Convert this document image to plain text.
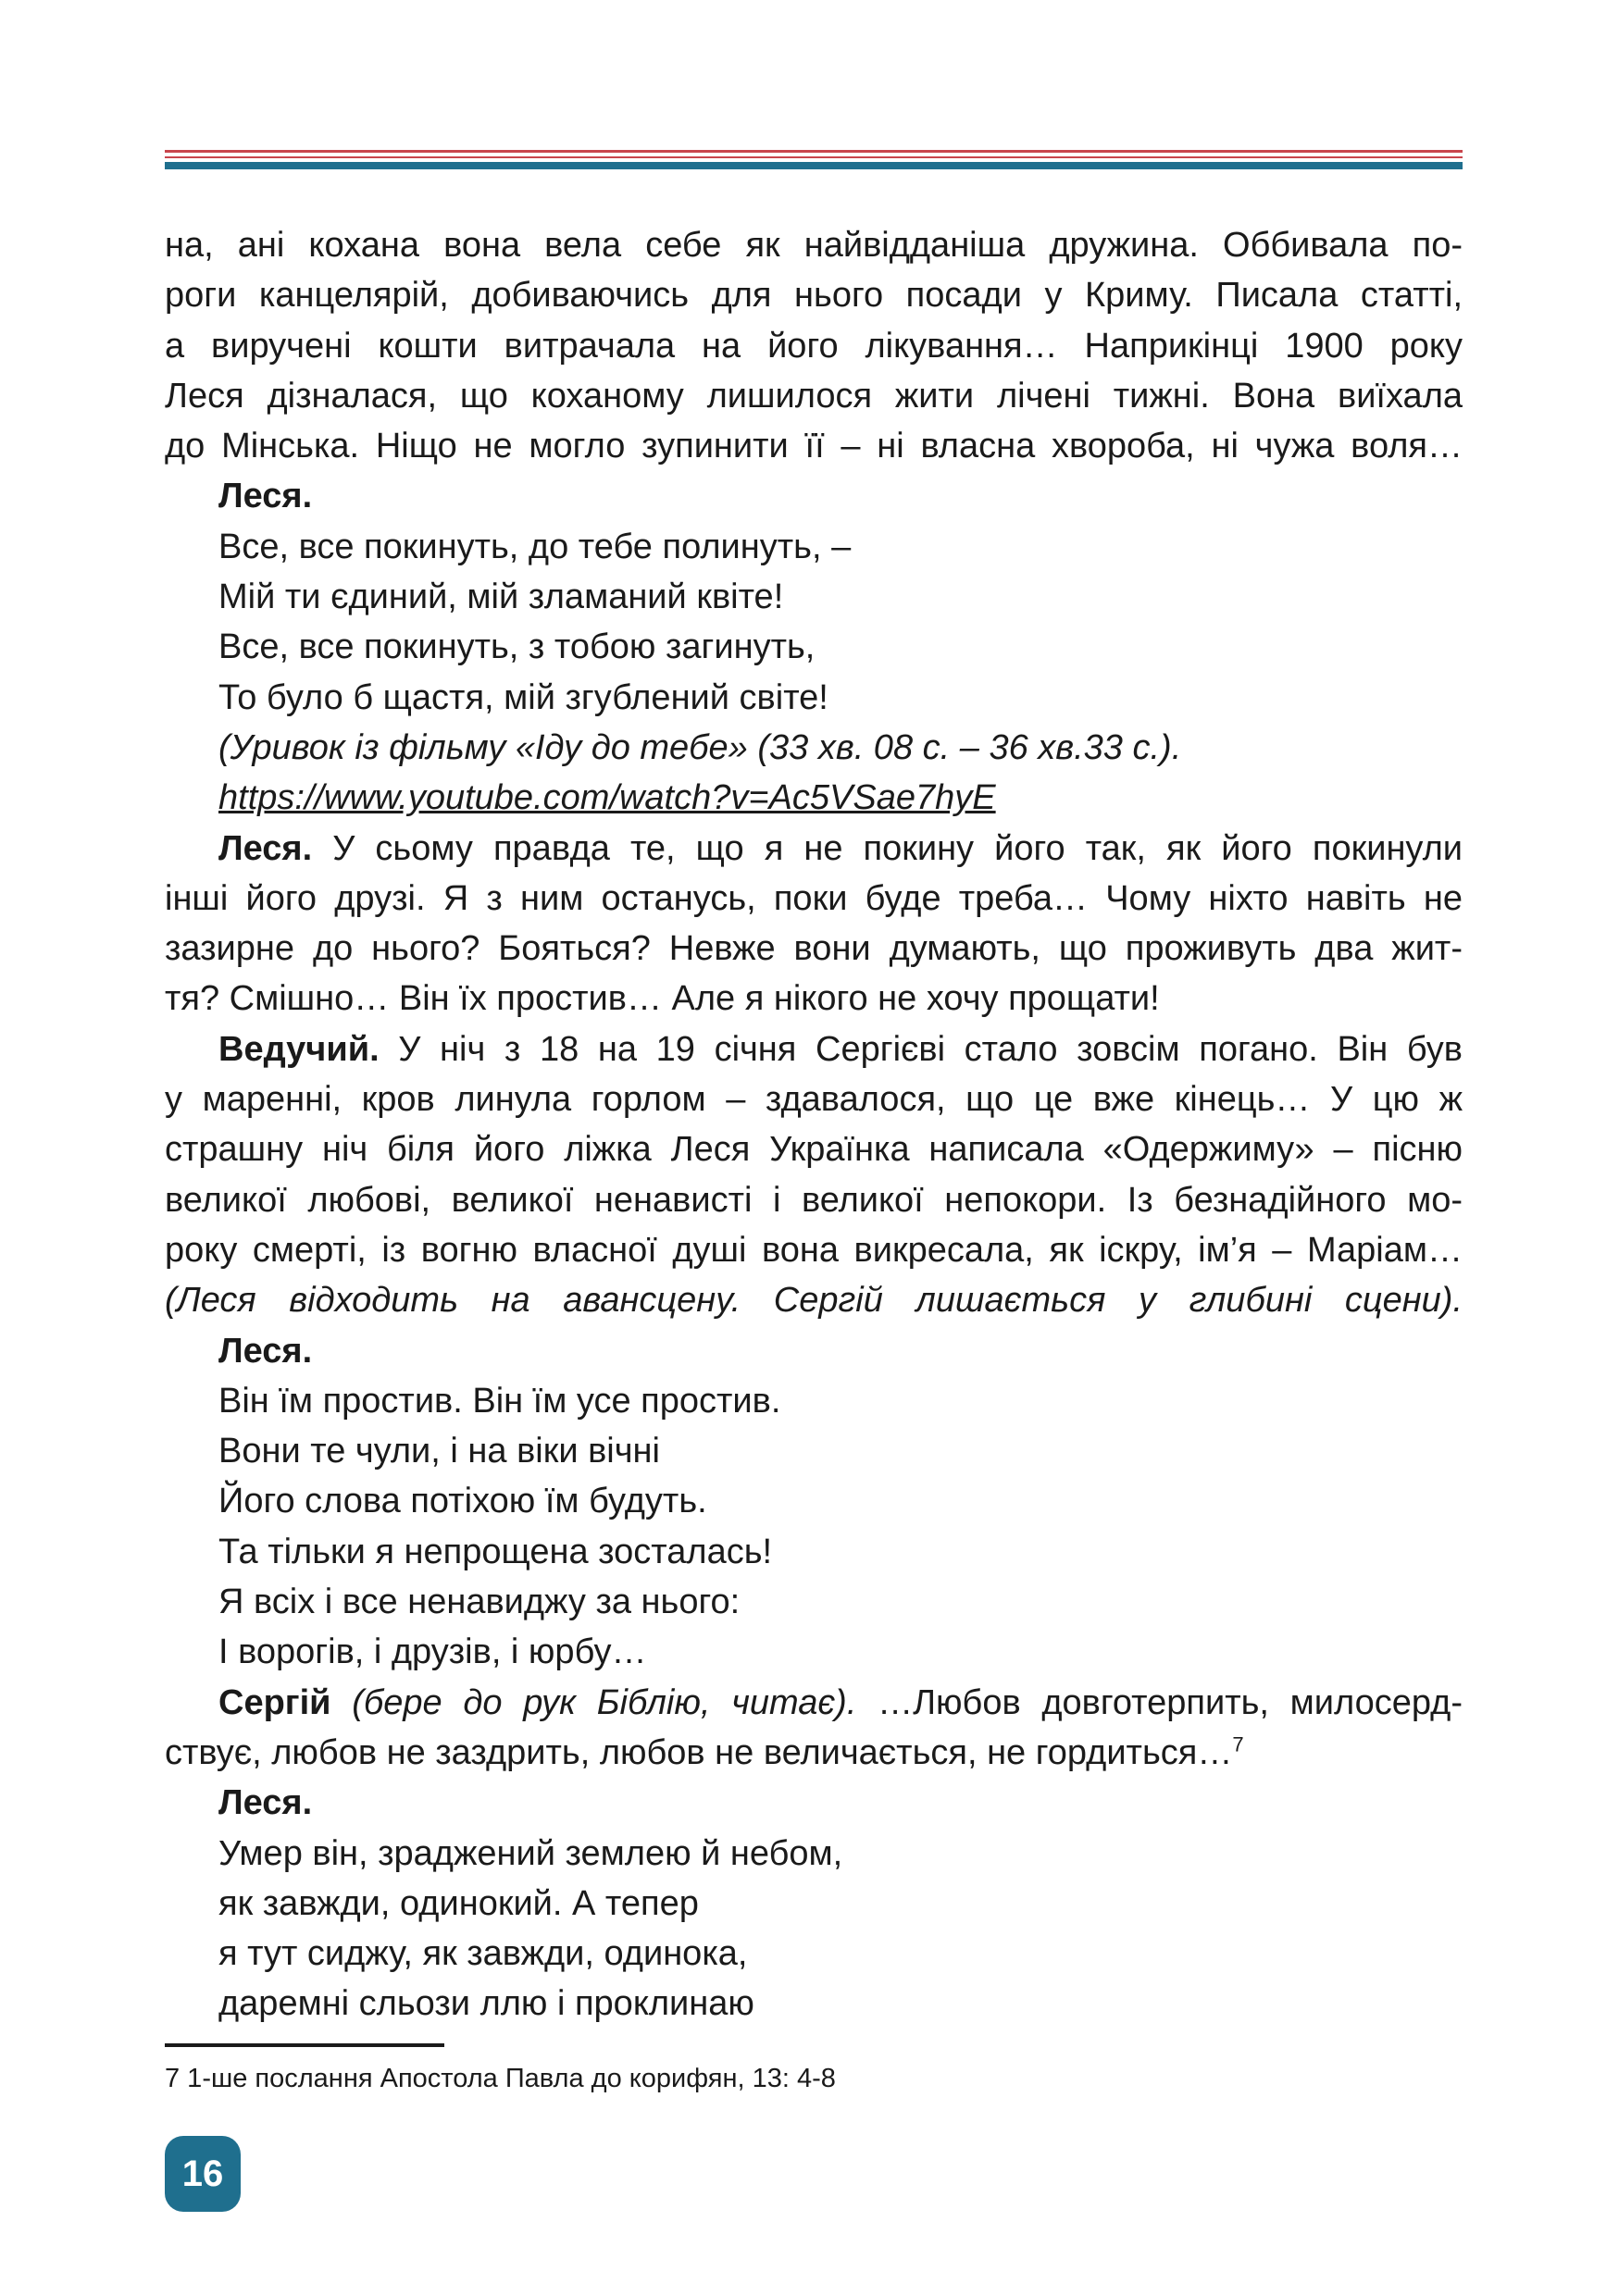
на, ані кохана вона вела себе як найвідданіша дружина. Оббивала по-

роги канцелярій, добиваючись для нього посади у Криму. Писала статті,

а виручені кошти витрачала на його лікування… Наприкінці 1900 року

Леся дізналася, що коханому лишилося жити лічені тижні. Вона виїхала

до Мінська. Ніщо не могло зупинити її – ні власна хвороба, ні чужа воля…

Леся.

Все, все покинуть, до тебе полинуть, –

Мій ти єдиний, мій зламаний квіте!

Все, все покинуть, з тобою загинуть,

То було б щастя, мій згублений світе!

(Уривок із фільму «Іду до тебе» (33 хв. 08 с. – 36 хв.33 с.).

https://www.youtube.com/watch?v=Ac5VSae7hyE

Леся. У сьому правда те, що я не покину його так, як його покинули

інші його друзі. Я з ним останусь, поки буде треба… Чому ніхто навіть не

зазирне до нього? Бояться? Невже вони думають, що проживуть два жит-

тя? Смішно… Він їх простив… Але я нікого не хочу прощати!

Ведучий. У ніч з 18 на 19 січня Сергієві стало зовсім погано. Він був

у маренні, кров линула горлом – здавалося, що це вже кінець… У цю ж

страшну ніч біля його ліжка Леся Українка написала «Одержиму» – пісню

великої любові, великої ненависті і великої непокори. Із безнадійного мо-

року смерті, із вогню власної душі вона викресала, як іскру, ім’я – Маріам…

(Леся відходить на авансцену. Сергій лишається у глибині сцени).

Леся.

Він їм простив. Він їм усе простив.

Вони те чули, і на віки вічні

Його слова потіхою їм будуть.

Та тільки я непрощена зосталась!

Я всіх і все ненавиджу за нього:

І ворогів, і друзів, і юрбу…

Сергій (бере до рук Біблію, читає). …Любов довготерпить, милосерд-

ствує, любов не заздрить, любов не величається, не гордиться…$^7$

Леся.

Умер він, зраджений землею й небом,

як завжди, одинокий. А тепер

я тут сиджу, як завжди, одинока,

даремні сльози ллю і проклинаю

7 1-ше послання Апостола Павла до корифян, 13: 4-8
16
